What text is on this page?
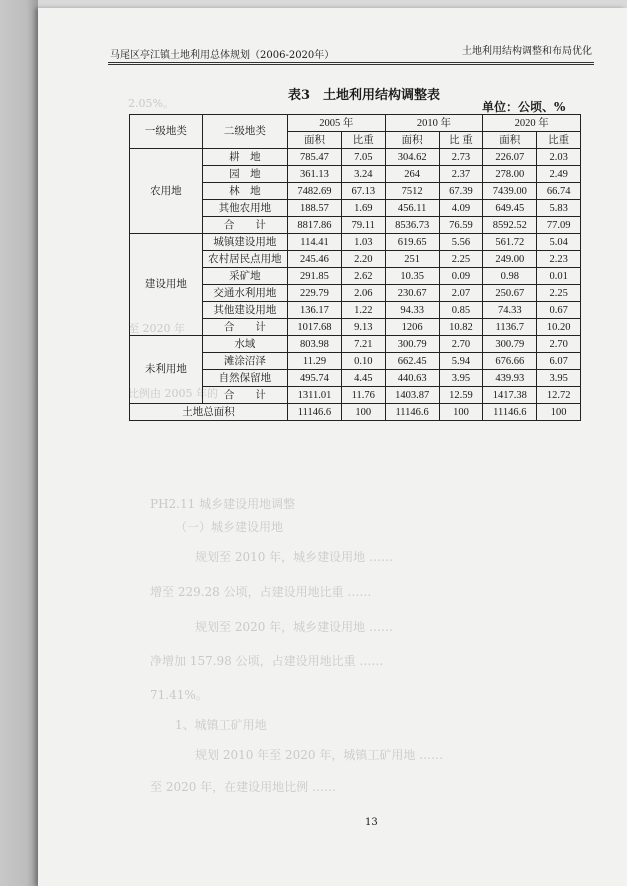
2.05%。
至 2020 年
比例由 2005 年的
PH2.11 城乡建设用地调整
（一）城乡建设用地
规划至 2010 年，城乡建设用地 ……
增至 229.28 公顷，占建设用地比重 ……
规划至 2020 年，城乡建设用地 ……
净增加 157.98 公顷，占建设用地比重 ……
71.41%。
1、城镇工矿用地
规划 2010 年至 2020 年，城镇工矿用地 ……
至 2020 年，在建设用地比例 ……
马尾区亭江镇土地利用总体规划（2006-2020年）	土地利用结构调整和布局优化
表3　土地利用结构调整表
单位：公顷、%
一级地类	二级地类	2005 年		2010 年		2020 年	
		面积	比重	面积	比 重	面积	比重
农用地	耕　地	785.47	7.05	304.62	2.73	226.07	2.03
	园　地	361.13	3.24	264	2.37	278.00	2.49
	林　地	7482.69	67.13	7512	67.39	7439.00	66.74
	其他农用地	188.57	1.69	456.11	4.09	649.45	5.83
	合　　计	8817.86	79.11	8536.73	76.59	8592.52	77.09
建设用地	城镇建设用地	114.41	1.03	619.65	5.56	561.72	5.04
	农村居民点用地	245.46	2.20	251	2.25	249.00	2.23
	采矿地	291.85	2.62	10.35	0.09	0.98	0.01
	交通水利用地	229.79	2.06	230.67	2.07	250.67	2.25
	其他建设用地	136.17	1.22	94.33	0.85	74.33	0.67
	合　　计	1017.68	9.13	1206	10.82	1136.7	10.20
未利用地	水域	803.98	7.21	300.79	2.70	300.79	2.70
	滩涂沼泽	11.29	0.10	662.45	5.94	676.66	6.07
	自然保留地	495.74	4.45	440.63	3.95	439.93	3.95
	合　　计	1311.01	11.76	1403.87	12.59	1417.38	12.72
土地总面积		11146.6	100	11146.6	100	11146.6	100
13
